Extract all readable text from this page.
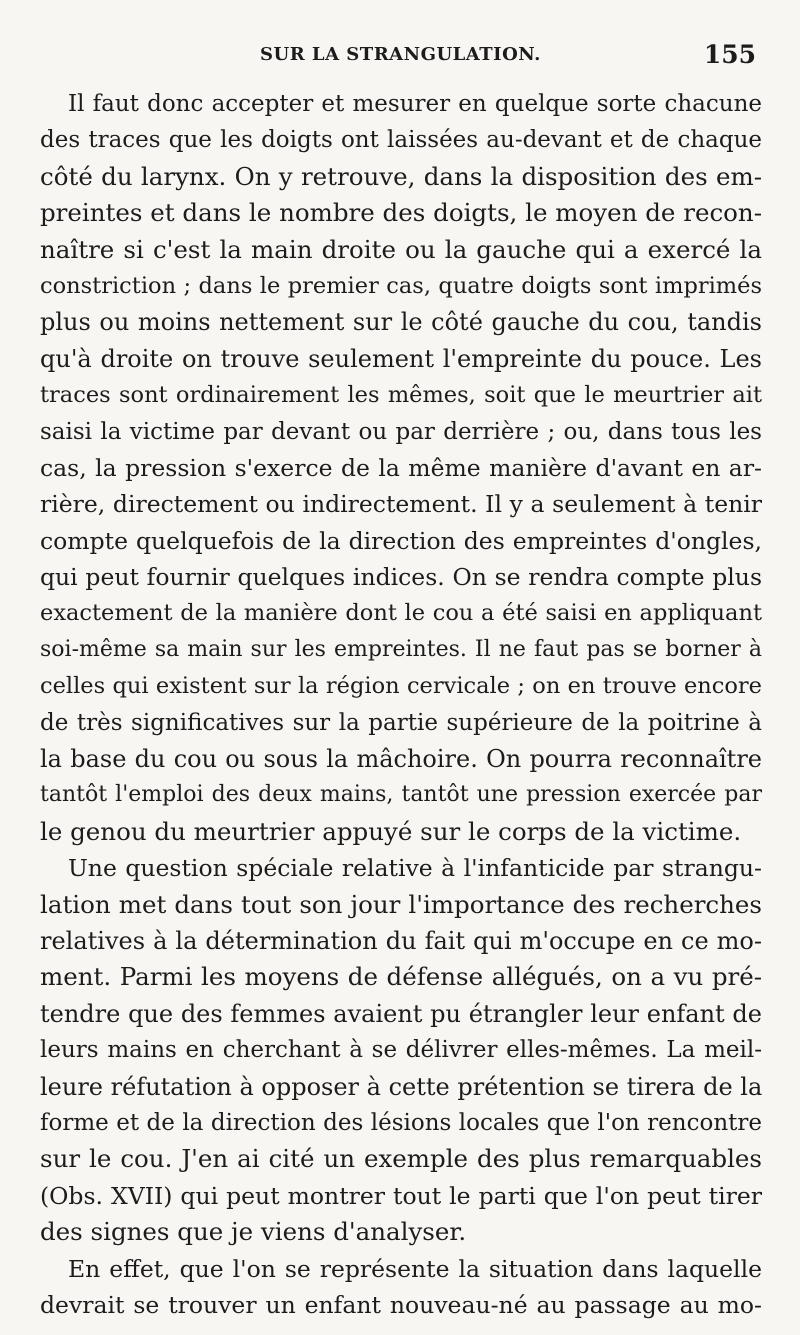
SUR LA STRANGULATION.	155
Il faut donc accepter et mesurer en quelque sorte chacune
des traces que les doigts ont laissées au-devant et de chaque
côté du larynx. On y retrouve, dans la disposition des em-
preintes et dans le nombre des doigts, le moyen de recon-
naître si c'est la main droite ou la gauche qui a exercé la
constriction ; dans le premier cas, quatre doigts sont imprimés
plus ou moins nettement sur le côté gauche du cou, tandis
qu'à droite on trouve seulement l'empreinte du pouce. Les
traces sont ordinairement les mêmes, soit que le meurtrier ait
saisi la victime par devant ou par derrière ; ou, dans tous les
cas, la pression s'exerce de la même manière d'avant en ar-
rière, directement ou indirectement. Il y a seulement à tenir
compte quelquefois de la direction des empreintes d'ongles,
qui peut fournir quelques indices. On se rendra compte plus
exactement de la manière dont le cou a été saisi en appliquant
soi-même sa main sur les empreintes. Il ne faut pas se borner à
celles qui existent sur la région cervicale ; on en trouve encore
de très significatives sur la partie supérieure de la poitrine à
la base du cou ou sous la mâchoire. On pourra reconnaître
tantôt l'emploi des deux mains, tantôt une pression exercée par
le genou du meurtrier appuyé sur le corps de la victime.
Une question spéciale relative à l'infanticide par strangu-
lation met dans tout son jour l'importance des recherches
relatives à la détermination du fait qui m'occupe en ce mo-
ment. Parmi les moyens de défense allégués, on a vu pré-
tendre que des femmes avaient pu étrangler leur enfant de
leurs mains en cherchant à se délivrer elles-mêmes. La meil-
leure réfutation à opposer à cette prétention se tirera de la
forme et de la direction des lésions locales que l'on rencontre
sur le cou. J'en ai cité un exemple des plus remarquables
(Obs. XVII) qui peut montrer tout le parti que l'on peut tirer
des signes que je viens d'analyser.
En effet, que l'on se représente la situation dans laquelle
devrait se trouver un enfant nouveau-né au passage au mo-
